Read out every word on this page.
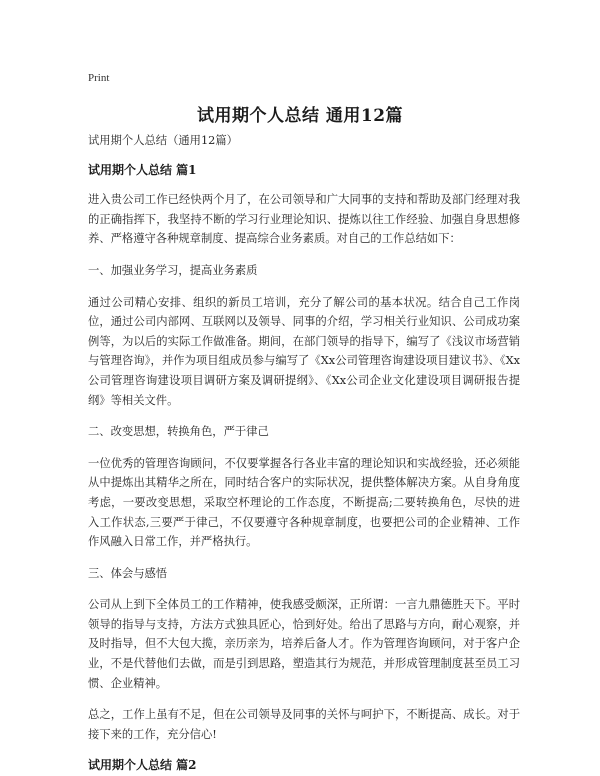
Print
试用期个人总结 通用12篇
试用期个人总结（通用12篇）
试用期个人总结 篇1

进入贵公司工作已经快两个月了，在公司领导和广大同事的支持和帮助及部门经理对我的正确指挥下，我坚持不断的学习行业理论知识、提炼以往工作经验、加强自身思想修养、严格遵守各种规章制度、提高综合业务素质。对自己的工作总结如下：

一、加强业务学习，提高业务素质

通过公司精心安排、组织的新员工培训，充分了解公司的基本状况。结合自己工作岗位，通过公司内部网、互联网以及领导、同事的介绍，学习相关行业知识、公司成功案例等，为以后的实际工作做准备。期间，在部门领导的指导下，编写了《浅议市场营销与管理咨询》，并作为项目组成员参与编写了《Xx公司管理咨询建设项目建议书》、《Xx公司管理咨询建设项目调研方案及调研提纲》、《Xx公司企业文化建设项目调研报告提纲》等相关文件。

二、改变思想，转换角色，严于律己

一位优秀的管理咨询顾问，不仅要掌握各行各业丰富的理论知识和实战经验，还必须能从中提炼出其精华之所在，同时结合客户的实际状况，提供整体解决方案。从自身角度考虑，一要改变思想，采取空杯理论的工作态度，不断提高;二要转换角色，尽快的进入工作状态,三要严于律己，不仅要遵守各种规章制度，也要把公司的企业精神、工作作风融入日常工作，并严格执行。

三、体会与感悟

公司从上到下全体员工的工作精神，使我感受颇深，正所谓：一言九鼎德胜天下。平时领导的指导与支持，方法方式独具匠心，恰到好处。给出了思路与方向，耐心观察，并及时指导，但不大包大揽，亲历亲为，培养后备人才。作为管理咨询顾问，对于客户企业，不是代替他们去做，而是引到思路，塑造其行为规范，并形成管理制度甚至员工习惯、企业精神。

总之，工作上虽有不足，但在公司领导及同事的关怀与呵护下，不断提高、成长。对于接下来的工作，充分信心!

试用期个人总结 篇2
